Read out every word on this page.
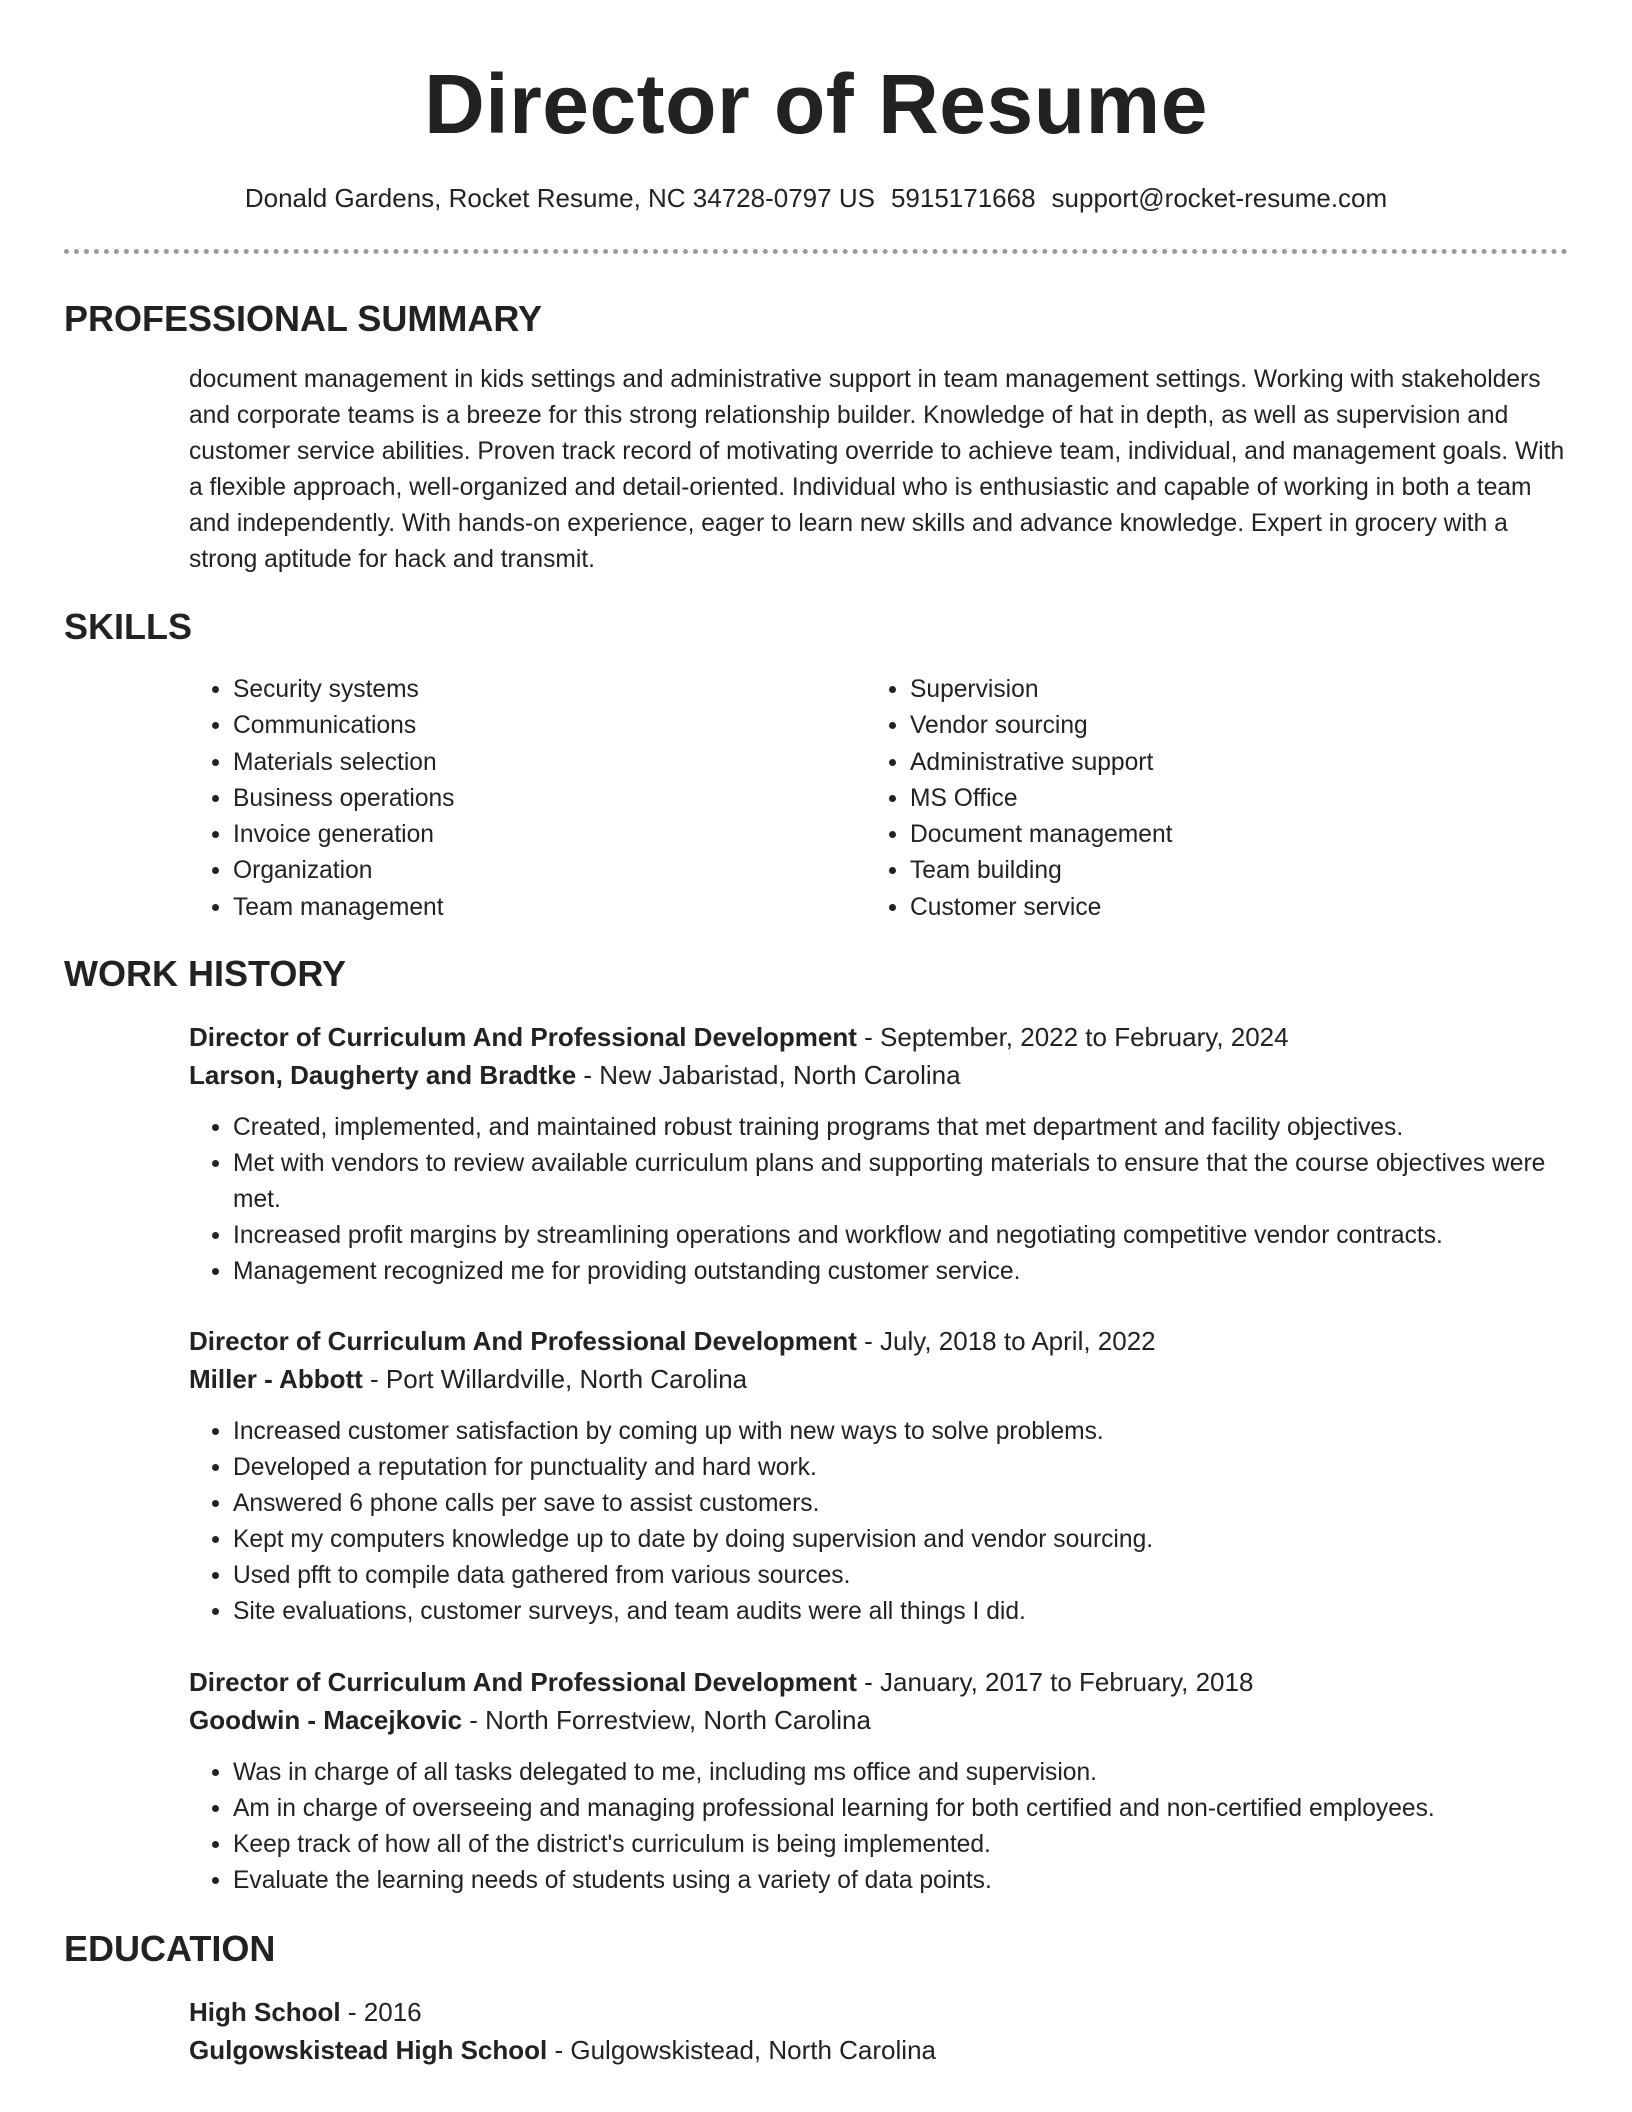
Director of Resume
Donald Gardens, Rocket Resume, NC 34728-0797 US 5915171668 support@rocket-resume.com
PROFESSIONAL SUMMARY

document management in kids settings and administrative support in team management settings. Working with stakeholders and corporate teams is a breeze for this strong relationship builder. Knowledge of hat in depth, as well as supervision and customer service abilities. Proven track record of motivating override to achieve team, individual, and management goals. With a flexible approach, well-organized and detail-oriented. Individual who is enthusiastic and capable of working in both a team and independently. With hands-on experience, eager to learn new skills and advance knowledge. Expert in grocery with a strong aptitude for hack and transmit.

SKILLS
• Security systems
• Communications
• Materials selection
• Business operations
• Invoice generation
• Organization
• Team management
• Supervision
• Vendor sourcing
• Administrative support
• MS Office
• Document management
• Team building
• Customer service
WORK HISTORY

Director of Curriculum And Professional Development - September, 2022 to February, 2024

Larson, Daugherty and Bradtke - New Jabaristad, North Carolina

• Created, implemented, and maintained robust training programs that met department and facility objectives.
• Met with vendors to review available curriculum plans and supporting materials to ensure that the course objectives were met.
• Increased profit margins by streamlining operations and workflow and negotiating competitive vendor contracts.
• Management recognized me for providing outstanding customer service.

Director of Curriculum And Professional Development - July, 2018 to April, 2022

Miller - Abbott - Port Willardville, North Carolina

• Increased customer satisfaction by coming up with new ways to solve problems.
• Developed a reputation for punctuality and hard work.
• Answered 6 phone calls per save to assist customers.
• Kept my computers knowledge up to date by doing supervision and vendor sourcing.
• Used pfft to compile data gathered from various sources.
• Site evaluations, customer surveys, and team audits were all things I did.

Director of Curriculum And Professional Development - January, 2017 to February, 2018

Goodwin - Macejkovic - North Forrestview, North Carolina

• Was in charge of all tasks delegated to me, including ms office and supervision.
• Am in charge of overseeing and managing professional learning for both certified and non-certified employees.
• Keep track of how all of the district's curriculum is being implemented.
• Evaluate the learning needs of students using a variety of data points.
EDUCATION

High School - 2016

Gulgowskistead High School - Gulgowskistead, North Carolina
